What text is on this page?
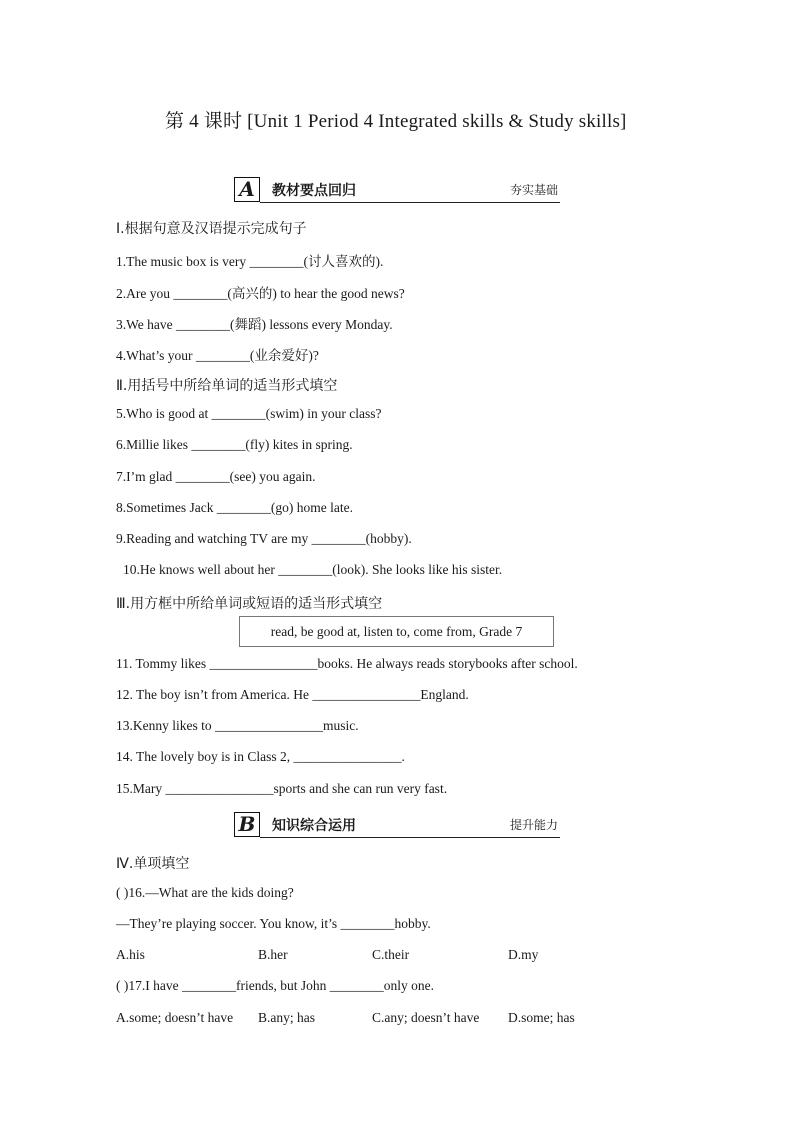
第 4 课时 [Unit 1 Period 4 Integrated skills & Study skills]
A	教材要点回归	夯实基础
Ⅰ.根据句意及汉语提示完成句子
1.The music box is very ________(讨人喜欢的).
2.Are you ________(高兴的) to hear the good news?
3.We have ________(舞蹈) lessons every Monday.
4.What’s your ________(业余爱好)?
Ⅱ.用括号中所给单词的适当形式填空
5.Who is good at ________(swim) in your class?
6.Millie likes ________(fly) kites in spring.
7.I’m glad ________(see) you again.
8.Sometimes Jack ________(go) home late.
9.Reading and watching TV are my ________(hobby).
10.He knows well about her ________(look). She looks like his sister.
Ⅲ.用方框中所给单词或短语的适当形式填空
read, be good at, listen to, come from, Grade 7
11. Tommy likes ________________books. He always reads storybooks after school.
12. The boy isn’t from America. He ________________England.
13.Kenny likes to ________________music.
14. The lovely boy is in Class 2, ________________.
15.Mary ________________sports and she can run very fast.
B	知识综合运用	提升能力
Ⅳ.单项填空
( )16.—What are the kids doing?
—They’re playing soccer. You know, it’s ________hobby.
A.his	B.her	C.their	D.my
( )17.I have ________friends, but John ________only one.
A.some; doesn’t have B.any; has	C.any; doesn’t have D.some; has
